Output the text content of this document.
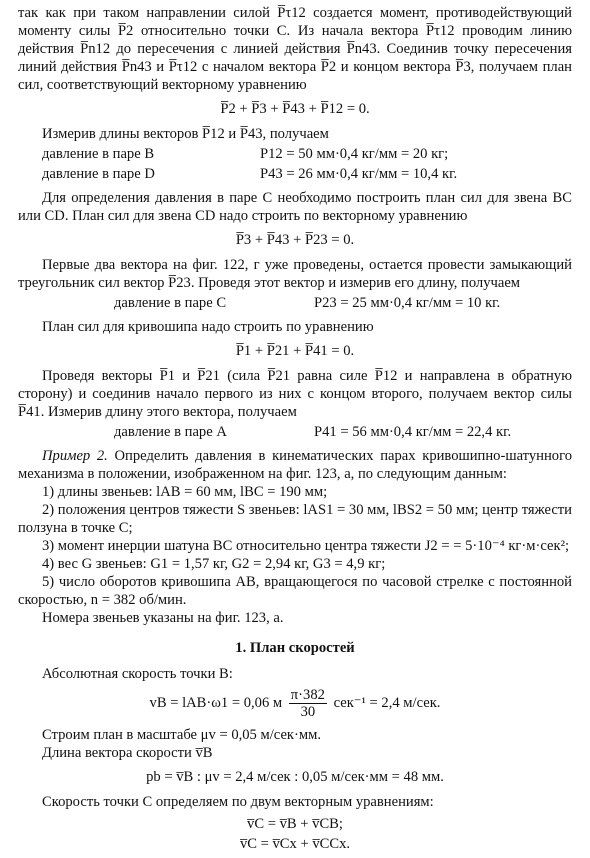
так как при таком направлении силой P̅τ12 создается момент, противодействующий моменту силы P̅2 относительно точки C. Из начала вектора P̅τ12 проводим линию действия P̅n12 до пересечения с линией действия P̅n43. Соединив точку пересечения линий действия P̅n43 и P̅τ12 с началом вектора P̅2 и концом вектора P̅3, получаем план сил, соответствующий векторному уравнению

P̅2 + P̅3 + P̅43 + P̅12 = 0.

Измерив длины векторов P̅12 и P̅43, получаем

давление в паре B	P12 = 50 мм·0,4 кг/мм = 20 кг;
давление в паре D	P43 = 26 мм·0,4 кг/мм = 10,4 кг.

Для определения давления в паре C необходимо построить план сил для звена BC или CD. План сил для звена CD надо строить по векторному уравнению

P̅3 + P̅43 + P̅23 = 0.

Первые два вектора на фиг. 122, г уже проведены, остается провести замыкающий треугольник сил вектор P̅23. Проведя этот вектор и измерив его длину, получаем

давление в паре C	P23 = 25 мм·0,4 кг/мм = 10 кг.

План сил для кривошипа надо строить по уравнению

P̅1 + P̅21 + P̅41 = 0.

Проведя векторы P̅1 и P̅21 (сила P̅21 равна силе P̅12 и направлена в обратную сторону) и соединив начало первого из них с концом второго, получаем вектор силы P̅41. Измерив длину этого вектора, получаем

давление в паре A	P41 = 56 мм·0,4 кг/мм = 22,4 кг.

Пример 2. Определить давления в кинематических парах кривошипно-шатунного механизма в положении, изображенном на фиг. 123, а, по следующим данным:

1) длины звеньев: lAB = 60 мм, lBC = 190 мм;

2) положения центров тяжести S звеньев: lAS1 = 30 мм, lBS2 = 50 мм; центр тяжести ползуна в точке C;

3) момент инерции шатуна BC относительно центра тяжести J2 = = 5·10⁻⁴ кг·м·сек²;

4) вес G звеньев: G1 = 1,57 кг, G2 = 2,94 кг, G3 = 4,9 кг;

5) число оборотов кривошипа AB, вращающегося по часовой стрелке с постоянной скоростью, n = 382 об/мин.

Номера звеньев указаны на фиг. 123, а.

1. План скоростей

Абсолютная скорость точки B:

vB = lAB·ω1 = 0,06 м $\frac{\pi\cdot 382}{30} сек^{-1} = 2,4$ м/сек.

Строим план в масштабе μv = 0,05 м/сек·мм.

Длина вектора скорости v̅B

pb = v̅B : μv = 2,4 м/сек : 0,05 м/сек·мм = 48 мм.

Скорость точки C определяем по двум векторным уравнениям:

v̅C = v̅B + v̅CB;
v̅C = v̅Cx + v̅CCx.
